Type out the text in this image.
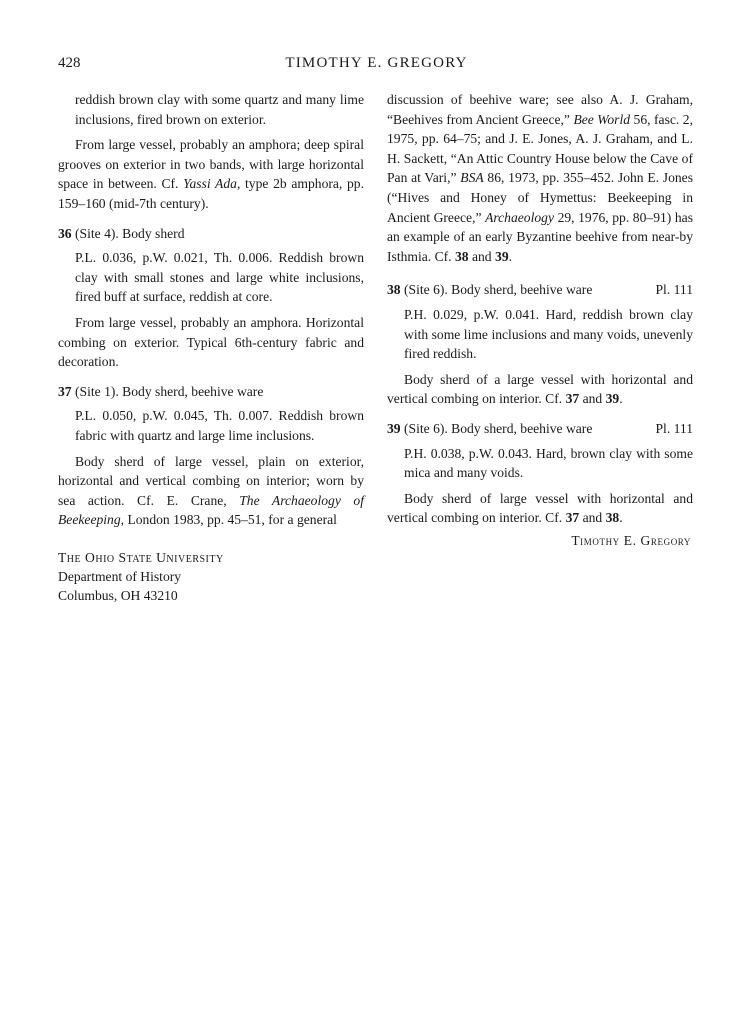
428	TIMOTHY E. GREGORY

reddish brown clay with some quartz and many lime inclusions, fired brown on exterior.

From large vessel, probably an amphora; deep spiral grooves on exterior in two bands, with large horizontal space in between. Cf. Yassi Ada, type 2b amphora, pp. 159–160 (mid-7th century).

36 (Site 4). Body sherd

P.L. 0.036, p.W. 0.021, Th. 0.006. Reddish brown clay with small stones and large white inclusions, fired buff at surface, reddish at core.

From large vessel, probably an amphora. Horizontal combing on exterior. Typical 6th-century fabric and decoration.

37 (Site 1). Body sherd, beehive ware

P.L. 0.050, p.W. 0.045, Th. 0.007. Reddish brown fabric with quartz and large lime inclusions.

Body sherd of large vessel, plain on exterior, horizontal and vertical combing on interior; worn by sea action. Cf. E. Crane, The Archaeology of Beekeeping, London 1983, pp. 45–51, for a general

discussion of beehive ware; see also A. J. Graham, “Beehives from Ancient Greece,” Bee World 56, fasc. 2, 1975, pp. 64–75; and J. E. Jones, A. J. Graham, and L. H. Sackett, “An Attic Country House below the Cave of Pan at Vari,” BSA 86, 1973, pp. 355–452. John E. Jones (“Hives and Honey of Hymettus: Beekeeping in Ancient Greece,” Archaeology 29, 1976, pp. 80–91) has an example of an early Byzantine beehive from near-by Isthmia. Cf. 38 and 39.

38 (Site 6). Body sherd, beehive ware	Pl. 111

P.H. 0.029, p.W. 0.041. Hard, reddish brown clay with some lime inclusions and many voids, unevenly fired reddish.

Body sherd of a large vessel with horizontal and vertical combing on interior. Cf. 37 and 39.

39 (Site 6). Body sherd, beehive ware	Pl. 111

P.H. 0.038, p.W. 0.043. Hard, brown clay with some mica and many voids.

Body sherd of large vessel with horizontal and vertical combing on interior. Cf. 37 and 38.

Timothy E. Gregory
The Ohio State University
Department of History
Columbus, OH 43210
